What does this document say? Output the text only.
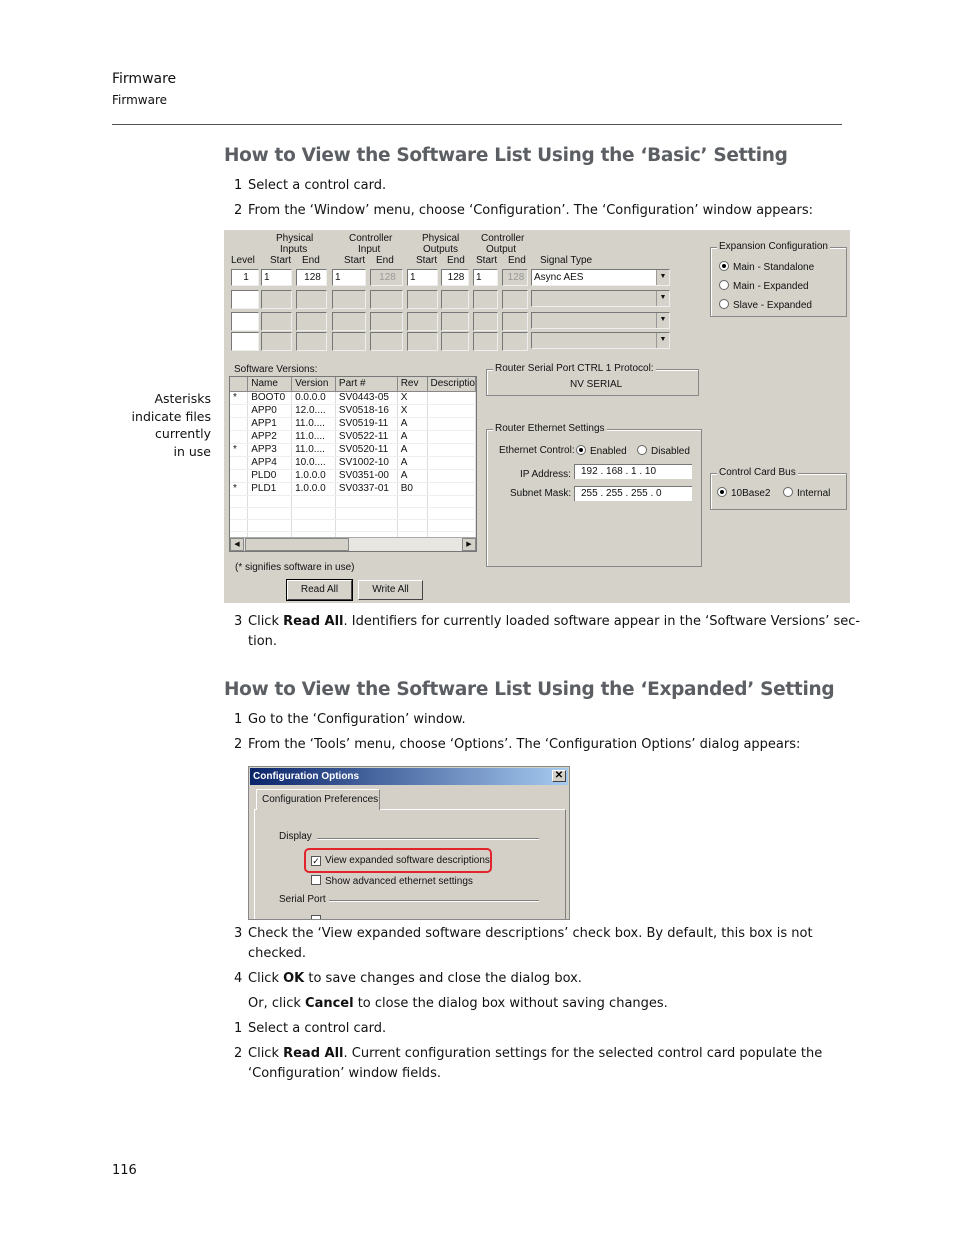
Firmware
Firmware
How to View the Software List Using the ‘Basic’ Setting
1 Select a control card.
2 From the ‘Window’ menu, choose ‘Configuration’. The ‘Configuration’ window appears:
Asterisks
indicate files
currently
in use
Physical
Inputs
Controller
Input
Physical
Outputs
Controller
Output
Level Start End Start End Start End Start End Signal Type
1	1	128	1	128	1	128	1	128 Async AES	▼
▼
▼
▼
Expansion Configuration
Main - Standalone
Main - Expanded
Slave - Expanded
Software Versions:
	Name	Version	Part #	Rev	Descriptio
*	BOOT0	0.0.0.0	SV0443-05	X	
	APP0	12.0....	SV0518-16	X	
	APP1	11.0....	SV0519-11	A	
	APP2	11.0....	SV0522-11	A	
*	APP3	11.0....	SV0520-11	A	
	APP4	10.0....	SV1002-10	A	
	PLD0	1.0.0.0	SV0351-00	A	
*	PLD1	1.0.0.0	SV0337-01	B0	

◀	▶
(* signifies software in use)
Read All	Write All
Router Serial Port CTRL 1 Protocol:
NV SERIAL
Router Ethernet Settings
Ethernet Control:	Enabled	Disabled
IP Address:	192 . 168 . 1 . 10
Subnet Mask: 255 . 255 . 255 . 0
Control Card Bus
10Base2	Internal
3 Click Read All. Identifiers for currently loaded software appear in the ‘Software Versions’ sec-
tion.
How to View the Software List Using the ‘Expanded’ Setting
1 Go to the ‘Configuration’ window.
2 From the ‘Tools’ menu, choose ‘Options’. The ‘Configuration Options’ dialog appears:
Configuration Options	✕
Configuration Preferences
Display
✓ View expanded software descriptions
Show advanced ethernet settings
Serial Port
3 Check the ‘View expanded software descriptions’ check box. By default, this box is not
checked.
4 Click OK to save changes and close the dialog box.
Or, click Cancel to close the dialog box without saving changes.
1 Select a control card.
2 Click Read All. Current configuration settings for the selected control card populate the
‘Configuration’ window fields.
116
